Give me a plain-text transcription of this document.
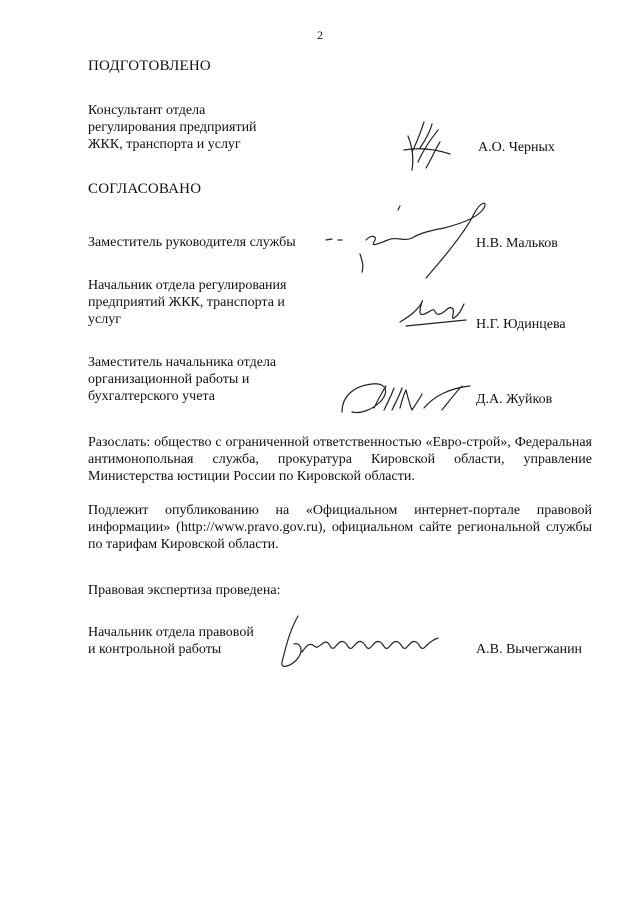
2
ПОДГОТОВЛЕНО
Консультант отдела
регулирования предприятий
ЖКК, транспорта и услуг	А.О. Черных
СОГЛАСОВАНО
Заместитель руководителя службы	Н.В. Мальков
Начальник отдела регулирования
предприятий ЖКК, транспорта и
услуг	Н.Г. Юдинцева
Заместитель начальника отдела
организационной работы и
бухгалтерского учета	Д.А. Жуйков
Разослать: общество с ограниченной ответственностью «Евро-строй», Федеральная антимонопольная служба, прокуратура Кировской области, управление Министерства юстиции России по Кировской области.
Подлежит опубликованию на «Официальном интернет-портале правовой информации» (http://www.pravo.gov.ru), официальном сайте региональной службы по тарифам Кировской области.
Правовая экспертиза проведена:
Начальник отдела правовой
и контрольной работы	А.В. Вычегжанин
